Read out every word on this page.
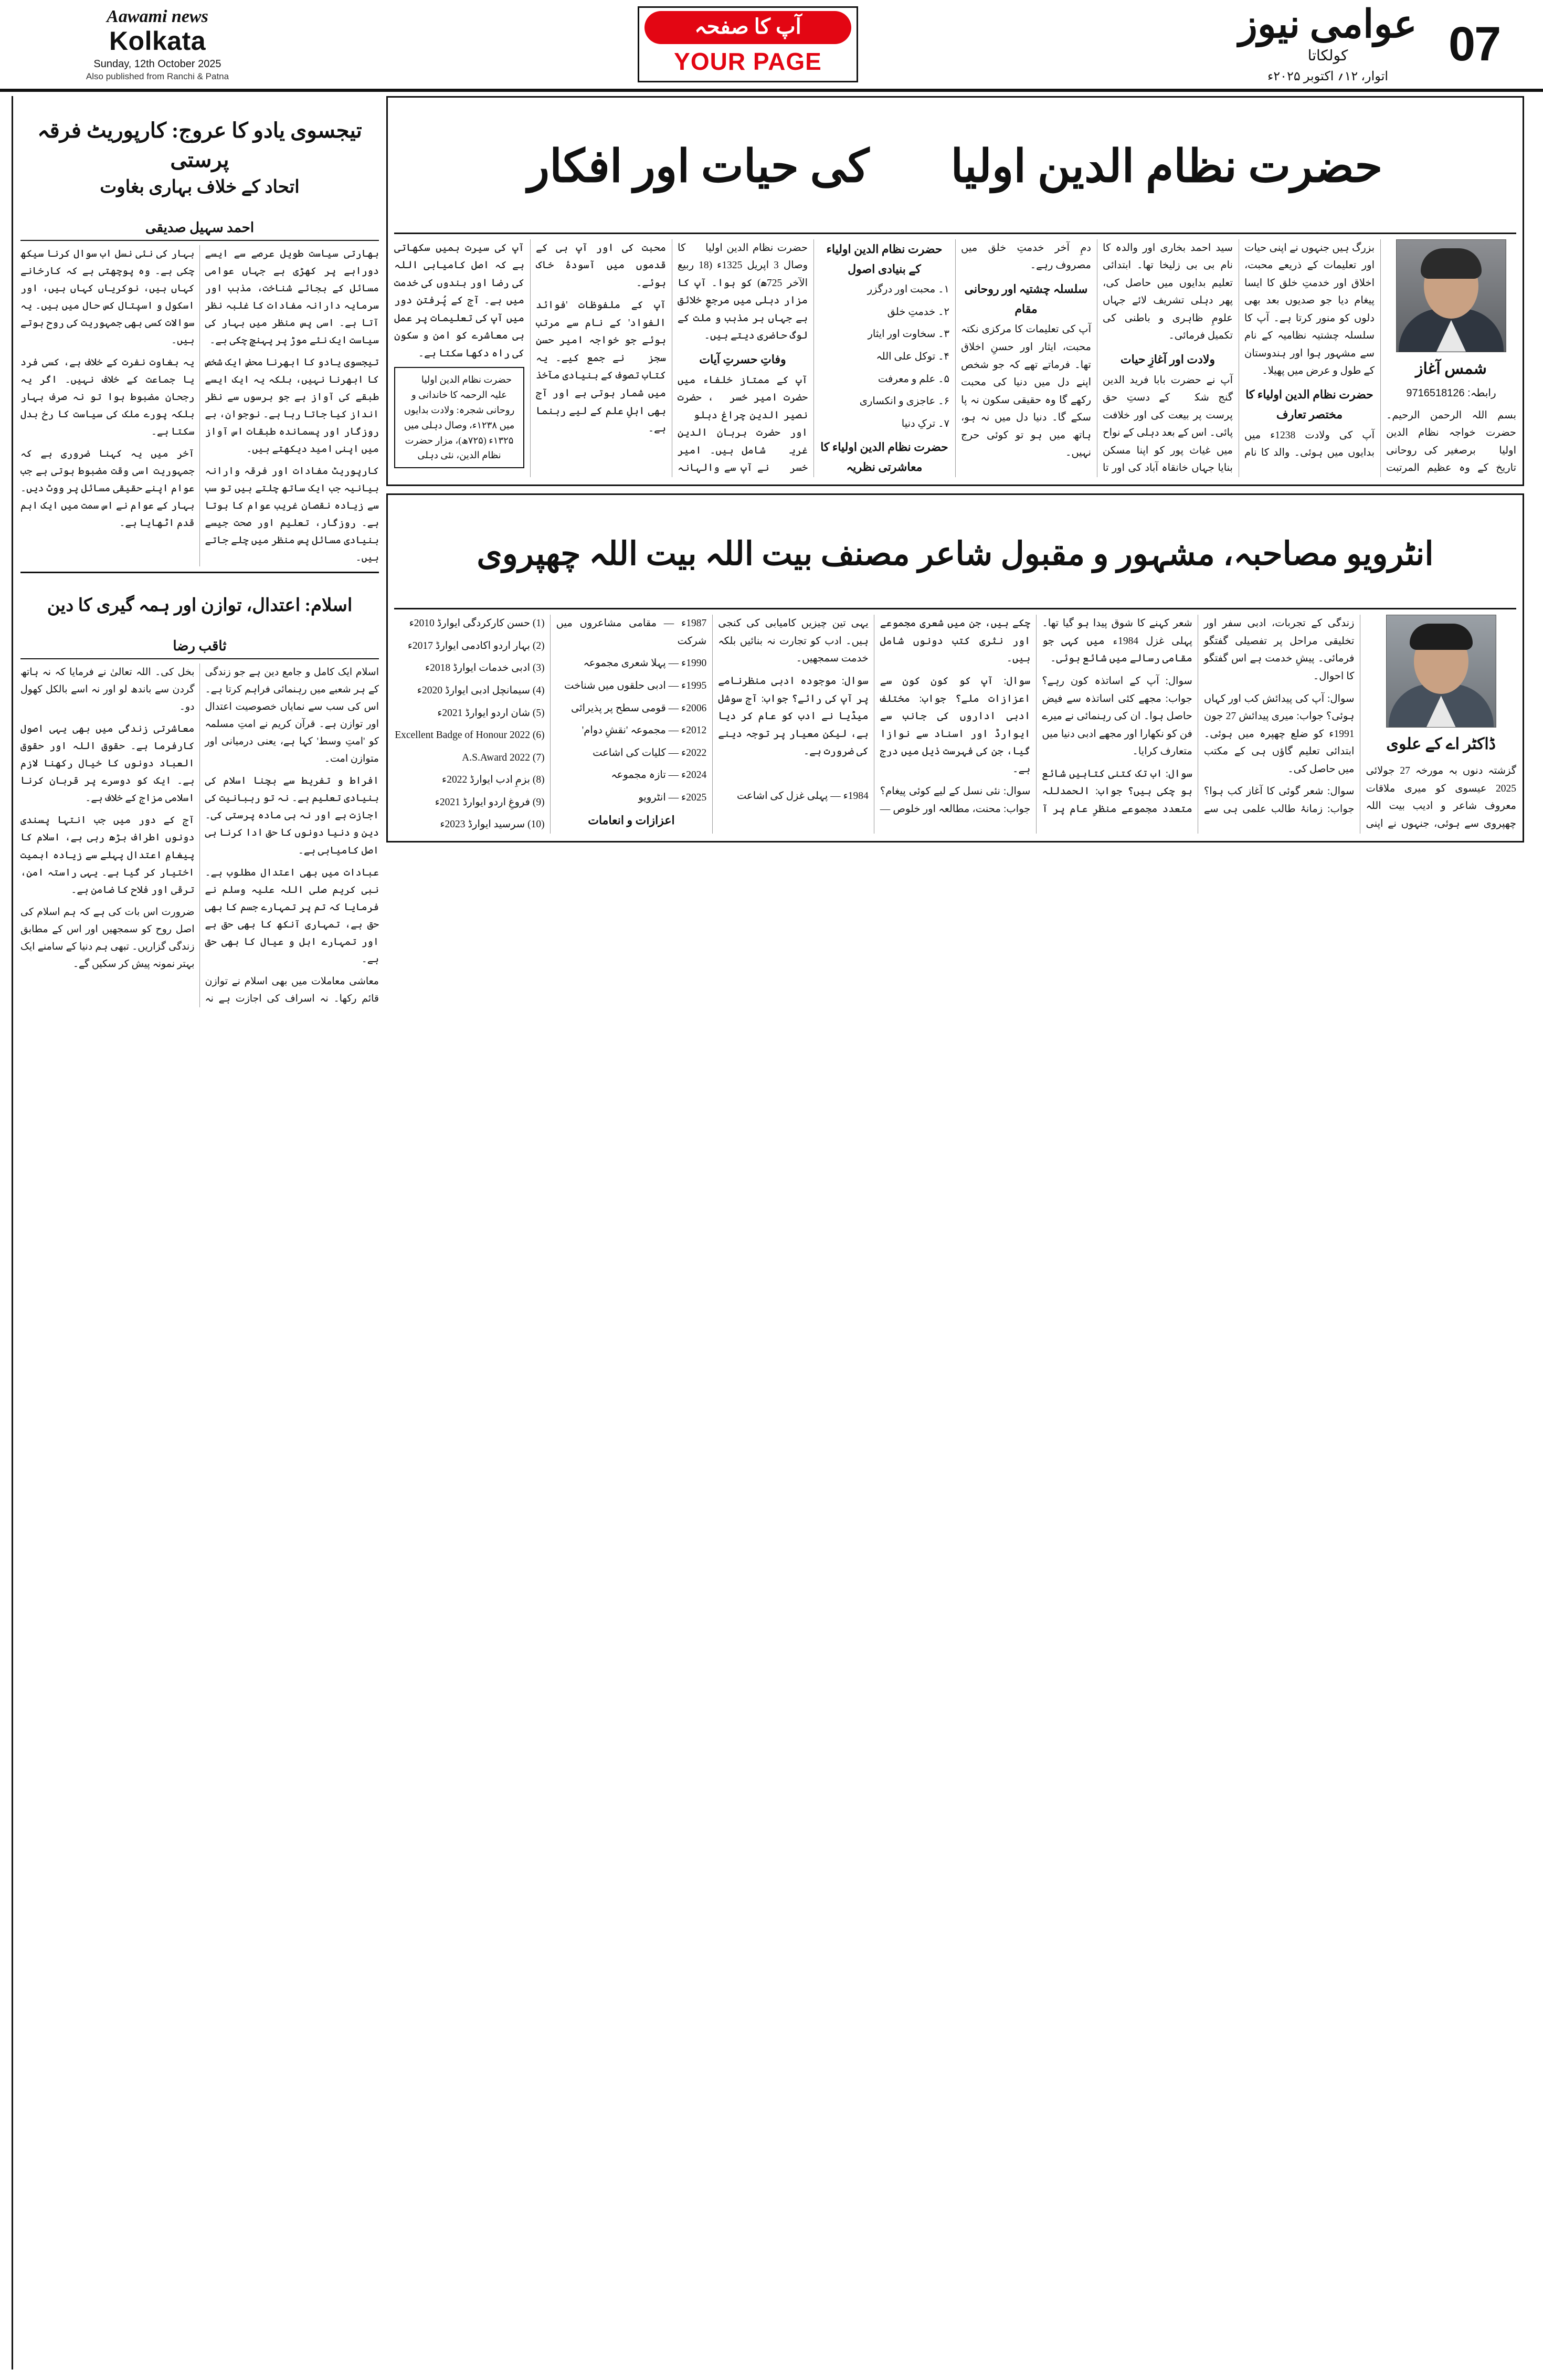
07
عوامی نیوز
کولکاتا
اتوار، ۱۲؍ اکتوبر ۲۰۲۵ء
آپ کا صفحہ
YOUR PAGE
Aawami news
Kolkata
Sunday, 12th October 2025
Also published from Ranchi & Patna
حضرت نظام الدین اولیاءؒ کی حیات اور افکار
شمس آغاز
رابطہ: 9716518126

بسم اللہ الرحمن الرحیم۔ حضرت خواجہ نظام الدین اولیاءؒ برصغیر کی روحانی تاریخ کے وہ عظیم المرتبت بزرگ ہیں جنہوں نے اپنی حیات اور تعلیمات کے ذریعے محبت، اخلاق اور خدمتِ خلق کا ایسا پیغام دیا جو صدیوں بعد بھی دلوں کو منور کرتا ہے۔ آپ کا سلسلہ چشتیہ نظامیہ کے نام سے مشہور ہوا اور ہندوستان کے طول و عرض میں پھیلا۔

حضرت نظام الدین اولیاء کا مختصر تعارف

آپ کی ولادت 1238ء میں بدایوں میں ہوئی۔ والد کا نام سید احمد بخاری اور والدہ کا نام بی بی زلیخا تھا۔ ابتدائی تعلیم بدایوں میں حاصل کی، پھر دہلی تشریف لائے جہاں علومِ ظاہری و باطنی کی تکمیل فرمائی۔

ولادت اور آغازِ حیات

آپ نے حضرت بابا فرید الدین گنج شکرؒ کے دستِ حق پرست پر بیعت کی اور خلافت پائی۔ اس کے بعد دہلی کے نواح میں غیاث پور کو اپنا مسکن بنایا جہاں خانقاہ آباد کی اور تا دمِ آخر خدمتِ خلق میں مصروف رہے۔

سلسلہ چشتیہ اور روحانی مقام

آپ کی تعلیمات کا مرکزی نکتہ محبت، ایثار اور حسنِ اخلاق تھا۔ فرماتے تھے کہ جو شخص اپنے دل میں دنیا کی محبت رکھے گا وہ حقیقی سکون نہ پا سکے گا۔ دنیا دل میں نہ ہو، ہاتھ میں ہو تو کوئی حرج نہیں۔

حضرت نظام الدین اولیاء کے بنیادی اصول

۱۔ محبت اور درگزر

۲۔ خدمتِ خلق

۳۔ سخاوت اور ایثار

۴۔ توکل علی اللہ

۵۔ علم و معرفت

۶۔ عاجزی و انکساری

۷۔ ترکِ دنیا

حضرت نظام الدین اولیاء کا معاشرتی نظریہ

حضرت نظام الدین اولیاءؒ کا وصال 3 اپریل 1325ء (18 ربیع الآخر 725ھ) کو ہوا۔ آپ کا مزار دہلی میں مرجعِ خلائق ہے جہاں ہر مذہب و ملت کے لوگ حاضری دیتے ہیں۔

وفاتِ حسرتِ آیات

آپ کے ممتاز خلفاء میں حضرت امیر خسروؒ، حضرت نصیر الدین چراغ دہلویؒ اور حضرت برہان الدین غریبؒ شامل ہیں۔ امیر خسروؒ نے آپ سے والہانہ محبت کی اور آپ ہی کے قدموں میں آسودۂ خاک ہوئے۔

آپ کے ملفوظات 'فوائد الفواد' کے نام سے مرتب ہوئے جو خواجہ امیر حسن سجزیؒ نے جمع کیے۔ یہ کتاب تصوف کے بنیادی مآخذ میں شمار ہوتی ہے اور آج بھی اہلِ علم کے لیے رہنما ہے۔

آپ کی سیرت ہمیں سکھاتی ہے کہ اصل کامیابی اللہ کی رضا اور بندوں کی خدمت میں ہے۔ آج کے پُرفتن دور میں آپ کی تعلیمات پر عمل ہی معاشرے کو امن و سکون کی راہ دکھا سکتا ہے۔

حضرت نظام الدین اولیاءؒ علیہ الرحمہ کا خاندانی و روحانی شجرہ: ولادت بدایوں میں ۱۲۳۸ء، وصال دہلی میں ۱۳۲۵ء (۷۲۵ھ)، مزار حضرت نظام الدین، نئی دہلی
انٹرویو مصاحبہ، مشہور و مقبول شاعر مصنف بیت اللہ بیت اللہ چھپروی
ڈاکٹر اے کے علوی

گزشتہ دنوں بہ مورخہ 27 جولائی 2025 عیسوی کو میری ملاقات معروف شاعر و ادیب بیت اللہ چھپروی سے ہوئی، جنہوں نے اپنی زندگی کے تجربات، ادبی سفر اور تخلیقی مراحل پر تفصیلی گفتگو فرمائی۔ پیشِ خدمت ہے اس گفتگو کا احوال۔

سوال: آپ کی پیدائش کب اور کہاں ہوئی؟ جواب: میری پیدائش 27 جون 1991ء کو ضلع چھپرہ میں ہوئی۔ ابتدائی تعلیم گاؤں ہی کے مکتب میں حاصل کی۔

سوال: شعر گوئی کا آغاز کب ہوا؟ جواب: زمانۂ طالب علمی ہی سے شعر کہنے کا شوق پیدا ہو گیا تھا۔ پہلی غزل 1984ء میں کہی جو مقامی رسالے میں شائع ہوئی۔

سوال: آپ کے اساتذہ کون رہے؟ جواب: مجھے کئی اساتذہ سے فیض حاصل ہوا۔ ان کی رہنمائی نے میرے فن کو نکھارا اور مجھے ادبی دنیا میں متعارف کرایا۔

سوال: اب تک کتنی کتابیں شائع ہو چکی ہیں؟ جواب: الحمدللہ متعدد مجموعے منظرِ عام پر آ چکے ہیں، جن میں شعری مجموعے اور نثری کتب دونوں شامل ہیں۔

سوال: آپ کو کون کون سے اعزازات ملے؟ جواب: مختلف ادبی اداروں کی جانب سے ایوارڈ اور اسناد سے نوازا گیا، جن کی فہرست ذیل میں درج ہے۔

سوال: نئی نسل کے لیے کوئی پیغام؟ جواب: محنت، مطالعہ اور خلوص — یہی تین چیزیں کامیابی کی کنجی ہیں۔ ادب کو تجارت نہ بنائیں بلکہ خدمت سمجھیں۔

سوال: موجودہ ادبی منظرنامے پر آپ کی رائے؟ جواب: آج سوشل میڈیا نے ادب کو عام کر دیا ہے، لیکن معیار پر توجہ دینے کی ضرورت ہے۔

1984ء — پہلی غزل کی اشاعت

1987ء — مقامی مشاعروں میں شرکت

1990ء — پہلا شعری مجموعہ

1995ء — ادبی حلقوں میں شناخت

2006ء — قومی سطح پر پذیرائی

2012ء — مجموعہ 'نقشِ دوام'

2022ء — کلیات کی اشاعت

2024ء — تازہ مجموعہ

2025ء — انٹرویو

اعزازات و انعامات

(1) حسن کارکردگی ایوارڈ 2010ء

(2) بہار اردو اکادمی ایوارڈ 2017ء

(3) ادبی خدمات ایوارڈ 2018ء

(4) سیمانچل ادبی ایوارڈ 2020ء

(5) شان اردو ایوارڈ 2021ء

(6) Excellent Badge of Honour 2022

(7) A.S.Award 2022

(8) بزمِ ادب ایوارڈ 2022ء

(9) فروغِ اردو ایوارڈ 2021ء

(10) سرسید ایوارڈ 2023ء

تیجسوی یادو کا عروج: کارپوریٹ فرقہ پرستی
اتحاد کے خلاف بہاری بغاوت
احمد سہیل صدیقی

بھارتی سیاست طویل عرصے سے ایسے دوراہے پر کھڑی ہے جہاں عوامی مسائل کے بجائے شناخت، مذہب اور سرمایہ دارانہ مفادات کا غلبہ نظر آتا ہے۔ اسی پس منظر میں بہار کی سیاست ایک نئے موڑ پر پہنچ چکی ہے۔

تیجسوی یادو کا ابھرنا محض ایک شخص کا ابھرنا نہیں، بلکہ یہ ایک ایسے طبقے کی آواز ہے جو برسوں سے نظر انداز کیا جاتا رہا ہے۔ نوجوان، بے روزگار اور پسماندہ طبقات اس آواز میں اپنی امید دیکھتے ہیں۔

کارپوریٹ مفادات اور فرقہ وارانہ بیانیہ جب ایک ساتھ چلتے ہیں تو سب سے زیادہ نقصان غریب عوام کا ہوتا ہے۔ روزگار، تعلیم اور صحت جیسے بنیادی مسائل پس منظر میں چلے جاتے ہیں۔

بہار کی نئی نسل اب سوال کرنا سیکھ چکی ہے۔ وہ پوچھتی ہے کہ کارخانے کہاں ہیں، نوکریاں کہاں ہیں، اور اسکول و اسپتال کس حال میں ہیں۔ یہ سوالات کسی بھی جمہوریت کی روح ہوتے ہیں۔

یہ بغاوت نفرت کے خلاف ہے، کسی فرد یا جماعت کے خلاف نہیں۔ اگر یہ رجحان مضبوط ہوا تو نہ صرف بہار بلکہ پورے ملک کی سیاست کا رخ بدل سکتا ہے۔

آخر میں یہ کہنا ضروری ہے کہ جمہوریت اسی وقت مضبوط ہوتی ہے جب عوام اپنے حقیقی مسائل پر ووٹ دیں۔ بہار کے عوام نے اس سمت میں ایک اہم قدم اٹھایا ہے۔

اسلام: اعتدال، توازن اور ہمہ گیری کا دین
ثاقب رضا

اسلام ایک کامل و جامع دین ہے جو زندگی کے ہر شعبے میں رہنمائی فراہم کرتا ہے۔ اس کی سب سے نمایاں خصوصیت اعتدال اور توازن ہے۔ قرآن کریم نے امتِ مسلمہ کو 'امتِ وسط' کہا ہے، یعنی درمیانی اور متوازن امت۔

افراط و تفریط سے بچنا اسلام کی بنیادی تعلیم ہے۔ نہ تو رہبانیت کی اجازت ہے اور نہ ہی مادہ پرستی کی۔ دین و دنیا دونوں کا حق ادا کرنا ہی اصل کامیابی ہے۔

عبادات میں بھی اعتدال مطلوب ہے۔ نبی کریم صلی اللہ علیہ وسلم نے فرمایا کہ تم پر تمہارے جسم کا بھی حق ہے، تمہاری آنکھ کا بھی حق ہے اور تمہارے اہل و عیال کا بھی حق ہے۔

معاشی معاملات میں بھی اسلام نے توازن قائم رکھا۔ نہ اسراف کی اجازت ہے نہ بخل کی۔ اللہ تعالیٰ نے فرمایا کہ نہ ہاتھ گردن سے باندھ لو اور نہ اسے بالکل کھول دو۔

معاشرتی زندگی میں بھی یہی اصول کارفرما ہے۔ حقوق اللہ اور حقوق العباد دونوں کا خیال رکھنا لازم ہے۔ ایک کو دوسرے پر قربان کرنا اسلامی مزاج کے خلاف ہے۔

آج کے دور میں جب انتہا پسندی دونوں اطراف بڑھ رہی ہے، اسلام کا پیغامِ اعتدال پہلے سے زیادہ اہمیت اختیار کر گیا ہے۔ یہی راستہ امن، ترقی اور فلاح کا ضامن ہے۔

ضرورت اس بات کی ہے کہ ہم اسلام کی اصل روح کو سمجھیں اور اس کے مطابق زندگی گزاریں۔ تبھی ہم دنیا کے سامنے ایک بہتر نمونہ پیش کر سکیں گے۔
